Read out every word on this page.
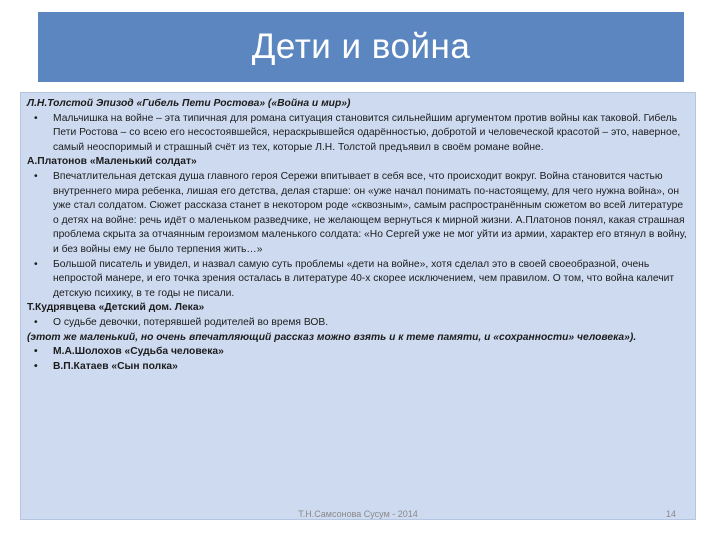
Дети и война

Л.Н.Толстой Эпизод «Гибель Пети Ростова» («Война и мир»)

• Мальчишка на войне – эта типичная для романа ситуация становится сильнейшим аргументом против войны как таковой. Гибель Пети Ростова – со всею его несостоявшейся, нераскрывшейся одарённостью, добротой и человеческой красотой – это, наверное, самый неоспоримый и страшный счёт из тех, которые Л.Н. Толстой предъявил в своём романе войне.

А.Платонов «Маленький солдат»

• Впечатлительная детская душа главного героя Сережи впитывает в себя все, что происходит вокруг. Война становится частью внутреннего мира ребенка, лишая его детства, делая старше: он «уже начал понимать по-настоящему, для чего нужна война», он уже стал солдатом. Сюжет рассказа станет в некотором роде «сквозным», самым распространённым сюжетом во всей литературе о детях на войне: речь идёт о маленьком разведчике, не желающем вернуться к мирной жизни. А.Платонов понял, какая страшная проблема скрыта за отчаянным героизмом маленького солдата: «Но Сергей уже не мог уйти из армии, характер его втянул в войну, и без войны ему не было терпения жить…»

• Большой писатель и увидел, и назвал самую суть проблемы «дети на войне», хотя сделал это в своей своеобразной, очень непростой манере, и его точка зрения осталась в литературе 40-х скорее исключением, чем правилом. О том, что война калечит детскую психику, в те годы не писали.

Т.Кудрявцева «Детский дом. Лека»

• О судьбе девочки, потерявшей родителей во время ВОВ.

(этот же маленький, но очень впечатляющий рассказ можно взять и к теме памяти, и «сохранности» человека»).

• М.А.Шолохов «Судьба человека»

• В.П.Катаев «Сын полка»

Т.Н.Самсонова Сусум - 2014	14
